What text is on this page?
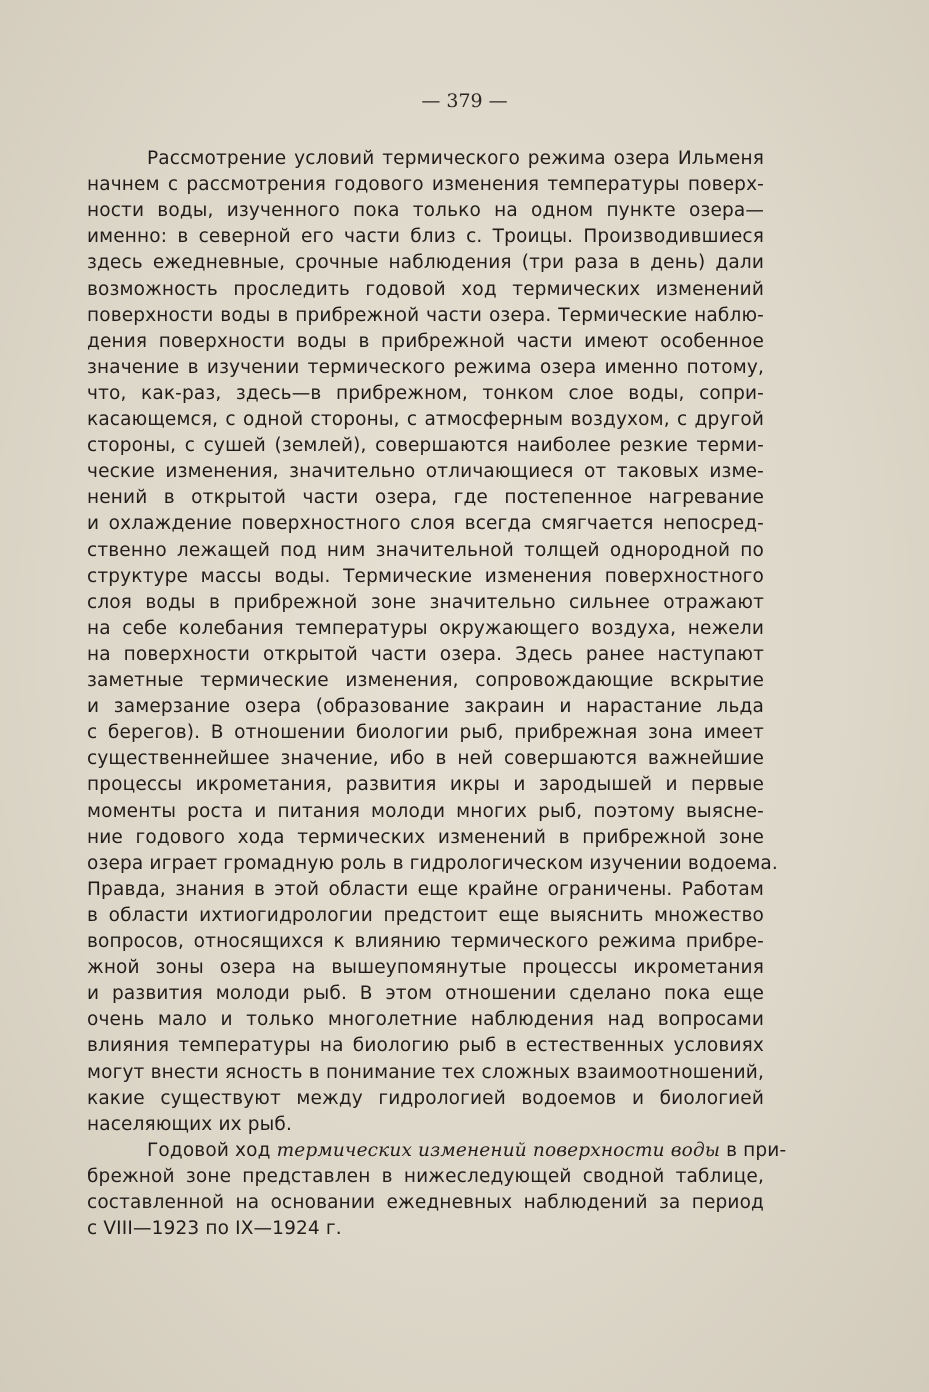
— 379 —
Рассмотрение условий термического режима озера Ильменя
начнем с рассмотрения годового изменения температуры поверх-
ности воды, изученного пока только на одном пункте озера—
именно: в северной его части близ с. Троицы. Производившиеся
здесь ежедневные, срочные наблюдения (три раза в день) дали
возможность проследить годовой ход термических изменений
поверхности воды в прибрежной части озера. Термические наблю-
дения поверхности воды в прибрежной части имеют особенное
значение в изучении термического режима озера именно потому,
что, как-раз, здесь—в прибрежном, тонком слое воды, сопри-
касающемся, с одной стороны, с атмосферным воздухом, с другой
стороны, с сушей (землей), совершаются наиболее резкие терми-
ческие изменения, значительно отличающиеся от таковых изме-
нений в открытой части озера, где постепенное нагревание
и охлаждение поверхностного слоя всегда смягчается непосред-
ственно лежащей под ним значительной толщей однородной по
структуре массы воды. Термические изменения поверхностного
слоя воды в прибрежной зоне значительно сильнее отражают
на себе колебания температуры окружающего воздуха, нежели
на поверхности открытой части озера. Здесь ранее наступают
заметные термические изменения, сопровождающие вскрытие
и замерзание озера (образование закраин и нарастание льда
с берегов). В отношении биологии рыб, прибрежная зона имеет
существеннейшее значение, ибо в ней совершаются важнейшие
процессы икрометания, развития икры и зародышей и первые
моменты роста и питания молоди многих рыб, поэтому выясне-
ние годового хода термических изменений в прибрежной зоне
озера играет громадную роль в гидрологическом изучении водоема.
Правда, знания в этой области еще крайне ограничены. Работам
в области ихтиогидрологии предстоит еще выяснить множество
вопросов, относящихся к влиянию термического режима прибре-
жной зоны озера на вышеупомянутые процессы икрометания
и развития молоди рыб. В этом отношении сделано пока еще
очень мало и только многолетние наблюдения над вопросами
влияния температуры на биологию рыб в естественных условиях
могут внести ясность в понимание тех сложных взаимоотношений,
какие существуют между гидрологией водоемов и биологией
населяющих их рыб.
Годовой ход термических изменений поверхности воды в при-
брежной зоне представлен в нижеследующей сводной таблице,
составленной на основании ежедневных наблюдений за период
с VIII—1923 по IX—1924 г.
